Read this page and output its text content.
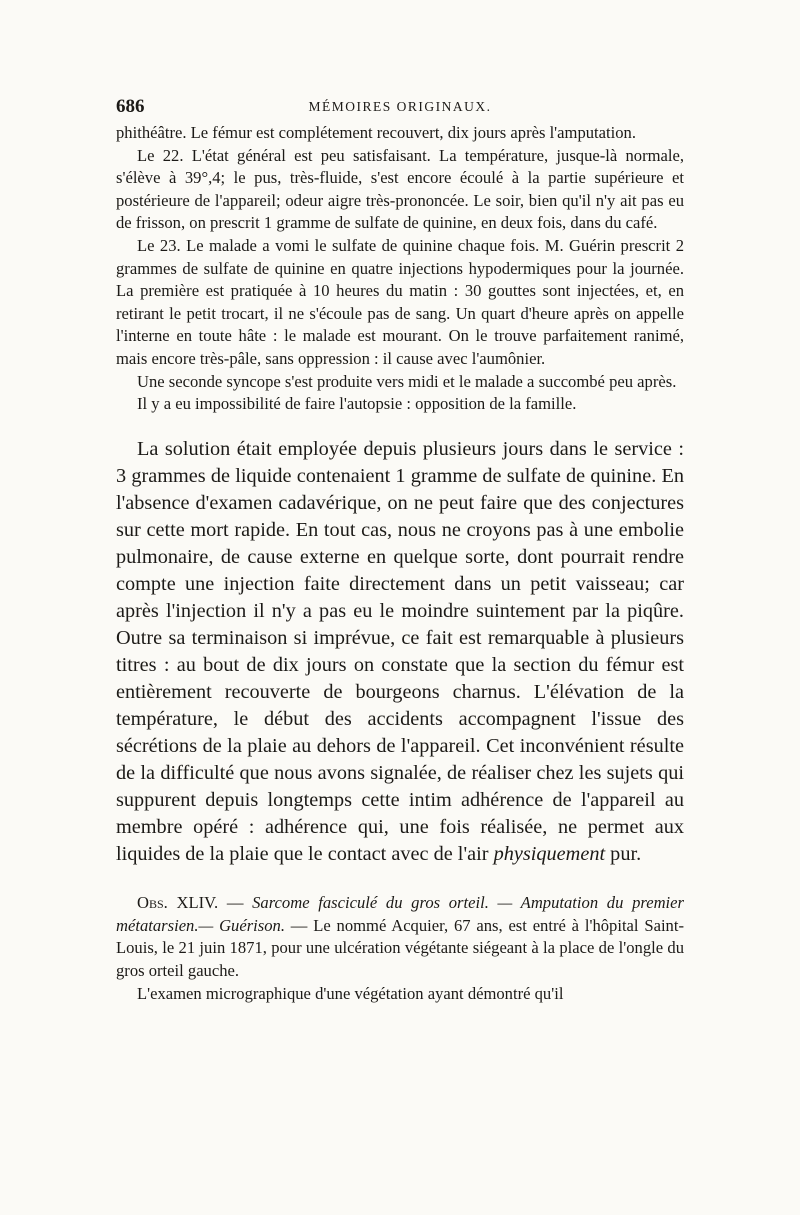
686	MÉMOIRES ORIGINAUX.

phithéâtre. Le fémur est complétement recouvert, dix jours après l'amputation.

Le 22. L'état général est peu satisfaisant. La température, jusque-là normale, s'élève à 39°,4; le pus, très-fluide, s'est encore écoulé à la partie supérieure et postérieure de l'appareil; odeur aigre très-prononcée. Le soir, bien qu'il n'y ait pas eu de frisson, on prescrit 1 gramme de sulfate de quinine, en deux fois, dans du café.

Le 23. Le malade a vomi le sulfate de quinine chaque fois. M. Guérin prescrit 2 grammes de sulfate de quinine en quatre injections hypodermiques pour la journée. La première est pratiquée à 10 heures du matin : 30 gouttes sont injectées, et, en retirant le petit trocart, il ne s'écoule pas de sang. Un quart d'heure après on appelle l'interne en toute hâte : le malade est mourant. On le trouve parfaitement ranimé, mais encore très-pâle, sans oppression : il cause avec l'aumônier.

Une seconde syncope s'est produite vers midi et le malade a succombé peu après.

Il y a eu impossibilité de faire l'autopsie : opposition de la famille.

La solution était employée depuis plusieurs jours dans le service : 3 grammes de liquide contenaient 1 gramme de sulfate de quinine. En l'absence d'examen cadavérique, on ne peut faire que des conjectures sur cette mort rapide. En tout cas, nous ne croyons pas à une embolie pulmonaire, de cause externe en quelque sorte, dont pourrait rendre compte une injection faite directement dans un petit vaisseau; car après l'injection il n'y a pas eu le moindre suintement par la piqûre. Outre sa terminaison si imprévue, ce fait est remarquable à plusieurs titres : au bout de dix jours on constate que la section du fémur est entièrement recouverte de bourgeons charnus. L'élévation de la température, le début des accidents accompagnent l'issue des sécrétions de la plaie au dehors de l'appareil. Cet inconvénient résulte de la difficulté que nous avons signalée, de réaliser chez les sujets qui suppurent depuis longtemps cette intim adhérence de l'appareil au membre opéré : adhérence qui, une fois réalisée, ne permet aux liquides de la plaie que le contact avec de l'air physiquement pur.

Obs. XLIV. — Sarcome fasciculé du gros orteil. — Amputation du premier métatarsien.— Guérison. — Le nommé Acquier, 67 ans, est entré à l'hôpital Saint-Louis, le 21 juin 1871, pour une ulcération végétante siégeant à la place de l'ongle du gros orteil gauche.

L'examen micrographique d'une végétation ayant démontré qu'il
